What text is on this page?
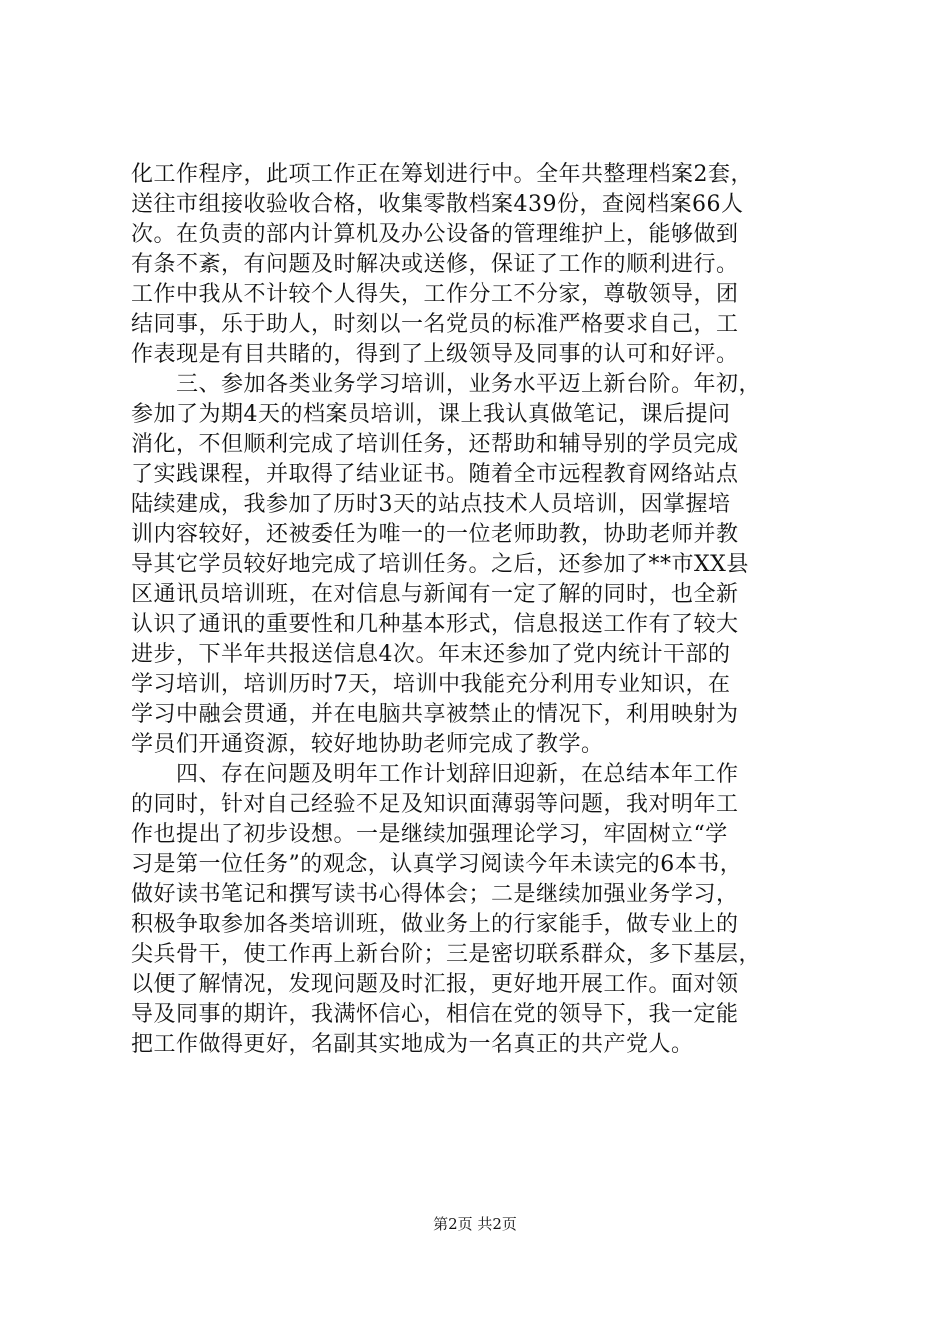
化工作程序，此项工作正在筹划进行中。全年共整理档案2套，
送往市组接收验收合格，收集零散档案439份，查阅档案66人
次。在负责的部内计算机及办公设备的管理维护上，能够做到
有条不紊，有问题及时解决或送修，保证了工作的顺利进行。
工作中我从不计较个人得失，工作分工不分家，尊敬领导，团
结同事，乐于助人，时刻以一名党员的标准严格要求自己，工
作表现是有目共睹的，得到了上级领导及同事的认可和好评。
　　三、参加各类业务学习培训，业务水平迈上新台阶。年初，
参加了为期4天的档案员培训，课上我认真做笔记，课后提问
消化，不但顺利完成了培训任务，还帮助和辅导别的学员完成
了实践课程，并取得了结业证书。随着全市远程教育网络站点
陆续建成，我参加了历时3天的站点技术人员培训，因掌握培
训内容较好，还被委任为唯一的一位老师助教，协助老师并教
导其它学员较好地完成了培训任务。之后，还参加了**市XX县
区通讯员培训班，在对信息与新闻有一定了解的同时，也全新
认识了通讯的重要性和几种基本形式，信息报送工作有了较大
进步，下半年共报送信息4次。年末还参加了党内统计干部的
学习培训，培训历时7天，培训中我能充分利用专业知识，在
学习中融会贯通，并在电脑共享被禁止的情况下，利用映射为
学员们开通资源，较好地协助老师完成了教学。
　　四、存在问题及明年工作计划辞旧迎新，在总结本年工作
的同时，针对自己经验不足及知识面薄弱等问题，我对明年工
作也提出了初步设想。一是继续加强理论学习，牢固树立“学
习是第一位任务”的观念，认真学习阅读今年未读完的6本书，
做好读书笔记和撰写读书心得体会；二是继续加强业务学习，
积极争取参加各类培训班，做业务上的行家能手，做专业上的
尖兵骨干，使工作再上新台阶；三是密切联系群众，多下基层，
以便了解情况，发现问题及时汇报，更好地开展工作。面对领
导及同事的期许，我满怀信心，相信在党的领导下，我一定能
把工作做得更好，名副其实地成为一名真正的共产党人。
第2页 共2页
